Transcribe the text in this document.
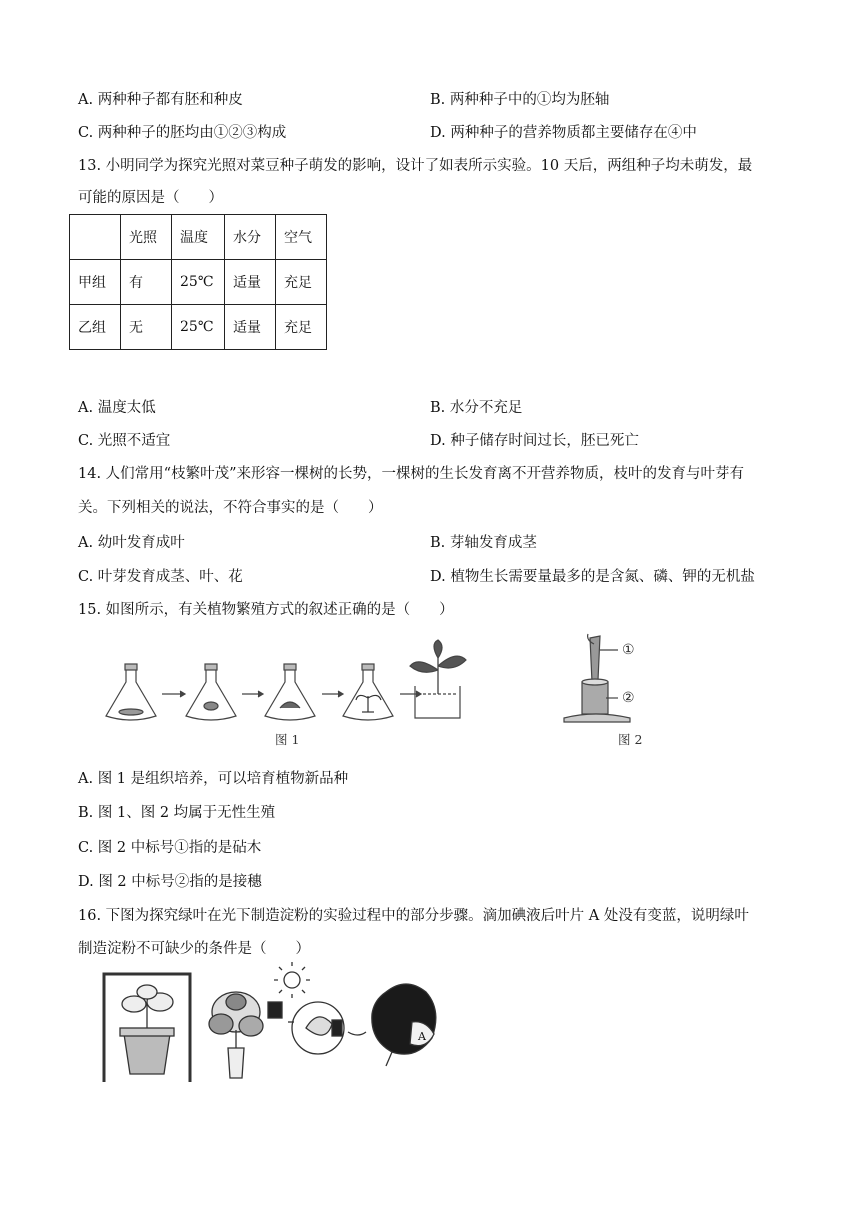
A. 两种种子都有胚和种皮	B. 两种种子中的①均为胚轴
C. 两种种子的胚均由①②③构成	D. 两种种子的营养物质都主要储存在④中
13. 小明同学为探究光照对菜豆种子萌发的影响，设计了如表所示实验。10 天后，两组种子均未萌发，最
可能的原因是（　　）
	光照	温度	水分	空气
甲组	有	25℃	适量	充足
乙组	无	25℃	适量	充足
A. 温度太低	B. 水分不充足
C. 光照不适宜	D. 种子储存时间过长，胚已死亡
14. 人们常用“枝繁叶茂”来形容一棵树的长势，一棵树的生长发育离不开营养物质，枝叶的发育与叶芽有
关。下列相关的说法，不符合事实的是（　　）
A. 幼叶发育成叶	B. 芽轴发育成茎
C. 叶芽发育成茎、叶、花	D. 植物生长需要量最多的是含氮、磷、钾的无机盐
15. 如图所示，有关植物繁殖方式的叙述正确的是（　　）
图 1
①
②
图 2
A. 图 1 是组织培养，可以培育植物新品种
B. 图 1、图 2 均属于无性生殖
C. 图 2 中标号①指的是砧木
D. 图 2 中标号②指的是接穗
16. 下图为探究绿叶在光下制造淀粉的实验过程中的部分步骤。滴加碘液后叶片 A 处没有变蓝，说明绿叶
制造淀粉不可缺少的条件是（　　）
A
